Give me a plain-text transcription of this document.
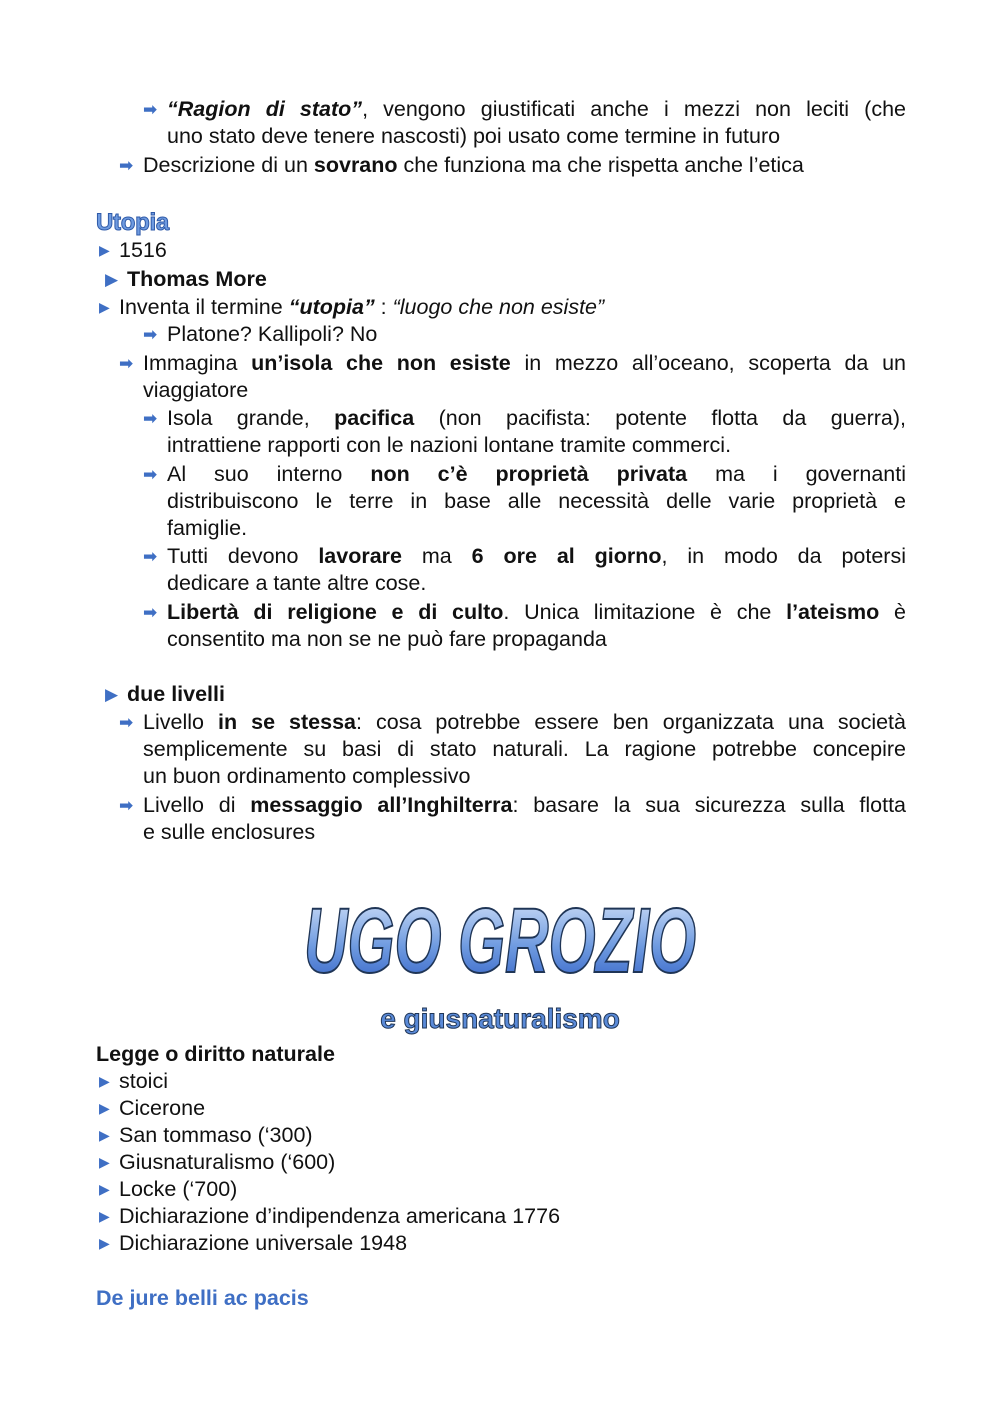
➡ “Ragion di stato”, vengono giustificati anche i mezzi non leciti (che
uno stato deve tenere nascosti) poi usato come termine in futuro
➡ Descrizione di un sovrano che funziona ma che rispetta anche l’etica
Utopia
▶ 1516
▶ Thomas More
▶ Inventa il termine “utopia” : “luogo che non esiste”
➡ Platone? Kallipoli? No
➡ Immagina un’isola che non esiste in mezzo all’oceano, scoperta da un
viaggiatore
➡ Isola grande, pacifica (non pacifista: potente flotta da guerra),
intrattiene rapporti con le nazioni lontane tramite commerci.
➡ Al suo interno non c’è proprietà privata ma i governanti
distribuiscono le terre in base alle necessità delle varie proprietà e
famiglie.
➡ Tutti devono lavorare ma 6 ore al giorno, in modo da potersi
dedicare a tante altre cose.
➡ Libertà di religione e di culto. Unica limitazione è che l’ateismo è
consentito ma non se ne può fare propaganda
▶ due livelli
➡ Livello in se stessa: cosa potrebbe essere ben organizzata una società
semplicemente su basi di stato naturali. La ragione potrebbe concepire
un buon ordinamento complessivo
➡ Livello di messaggio all’Inghilterra: basare la sua sicurezza sulla flotta
e sulle enclosures
UGO GROZIO
e giusnaturalismo
Legge o diritto naturale
▶ stoici
▶ Cicerone
▶ San tommaso (‘300)
▶ Giusnaturalismo (‘600)
▶ Locke (‘700)
▶ Dichiarazione d’indipendenza americana 1776
▶ Dichiarazione universale 1948
De jure belli ac pacis
